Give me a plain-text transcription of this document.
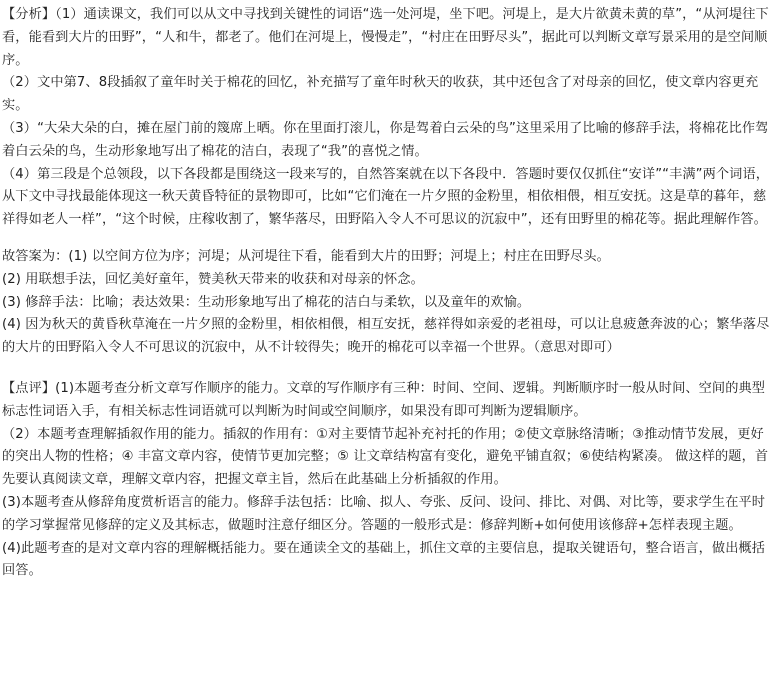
【分析】（1）通读课文，我们可以从文中寻找到关键性的词语“选一处河堤，坐下吧。河堤上，是大片欲黄未黄的草”，“从河堤往下看，能看到大片的田野”，“人和牛，都老了。他们在河堤上，慢慢走”，“村庄在田野尽头”，据此可以判断文章写景采用的是空间顺序。

（2）文中第7、8段插叙了童年时关于棉花的回忆，补充描写了童年时秋天的收获，其中还包含了对母亲的回忆，使文章内容更充实。

（3）“大朵大朵的白，摊在屋门前的篾席上晒。你在里面打滚儿，你是驾着白云朵的鸟”这里采用了比喻的修辞手法，将棉花比作驾着白云朵的鸟，生动形象地写出了棉花的洁白，表现了“我”的喜悦之情。

（4）第三段是个总领段，以下各段都是围绕这一段来写的，自然答案就在以下各段中．答题时要仅仅抓住“安详”“丰满”两个词语，从下文中寻找最能体现这一秋天黄昏特征的景物即可，比如“它们淹在一片夕照的金粉里，相依相偎，相互安抚。这是草的暮年，慈祥得如老人一样”，“这个时候，庄稼收割了，繁华落尽，田野陷入令人不可思议的沉寂中”，还有田野里的棉花等。据此理解作答。

故答案为：(1) 以空间方位为序；河堤；从河堤往下看，能看到大片的田野；河堤上；村庄在田野尽头。

(2) 用联想手法，回忆美好童年，赞美秋天带来的收获和对母亲的怀念。

(3) 修辞手法：比喻；表达效果：生动形象地写出了棉花的洁白与柔软，以及童年的欢愉。

(4) 因为秋天的黄昏秋草淹在一片夕照的金粉里，相依相偎，相互安抚，慈祥得如亲爱的老祖母，可以让息疲惫奔波的心；繁华落尽的大片的田野陷入令人不可思议的沉寂中，从不计较得失；晚开的棉花可以幸福一个世界。（意思对即可）

【点评】(1)本题考查分析文章写作顺序的能力。文章的写作顺序有三种：时间、空间、逻辑。判断顺序时一般从时间、空间的典型标志性词语入手，有相关标志性词语就可以判断为时间或空间顺序，如果没有即可判断为逻辑顺序。

（2）本题考查理解插叙作用的能力。插叙的作用有：①对主要情节起补充衬托的作用；②使文章脉络清晰；③推动情节发展，更好的突出人物的性格；④ 丰富文章内容，使情节更加完整；⑤ 让文章结构富有变化，避免平铺直叙；⑥使结构紧凑。 做这样的题，首先要认真阅读文章，理解文章内容，把握文章主旨，然后在此基础上分析插叙的作用。

(3)本题考查从修辞角度赏析语言的能力。修辞手法包括：比喻、拟人、夸张、反问、设问、排比、对偶、对比等，要求学生在平时的学习掌握常见修辞的定义及其标志，做题时注意仔细区分。答题的一般形式是：修辞判断+如何使用该修辞+怎样表现主题。

(4)此题考查的是对文章内容的理解概括能力。要在通读全文的基础上，抓住文章的主要信息，提取关键语句，整合语言，做出概括回答。
